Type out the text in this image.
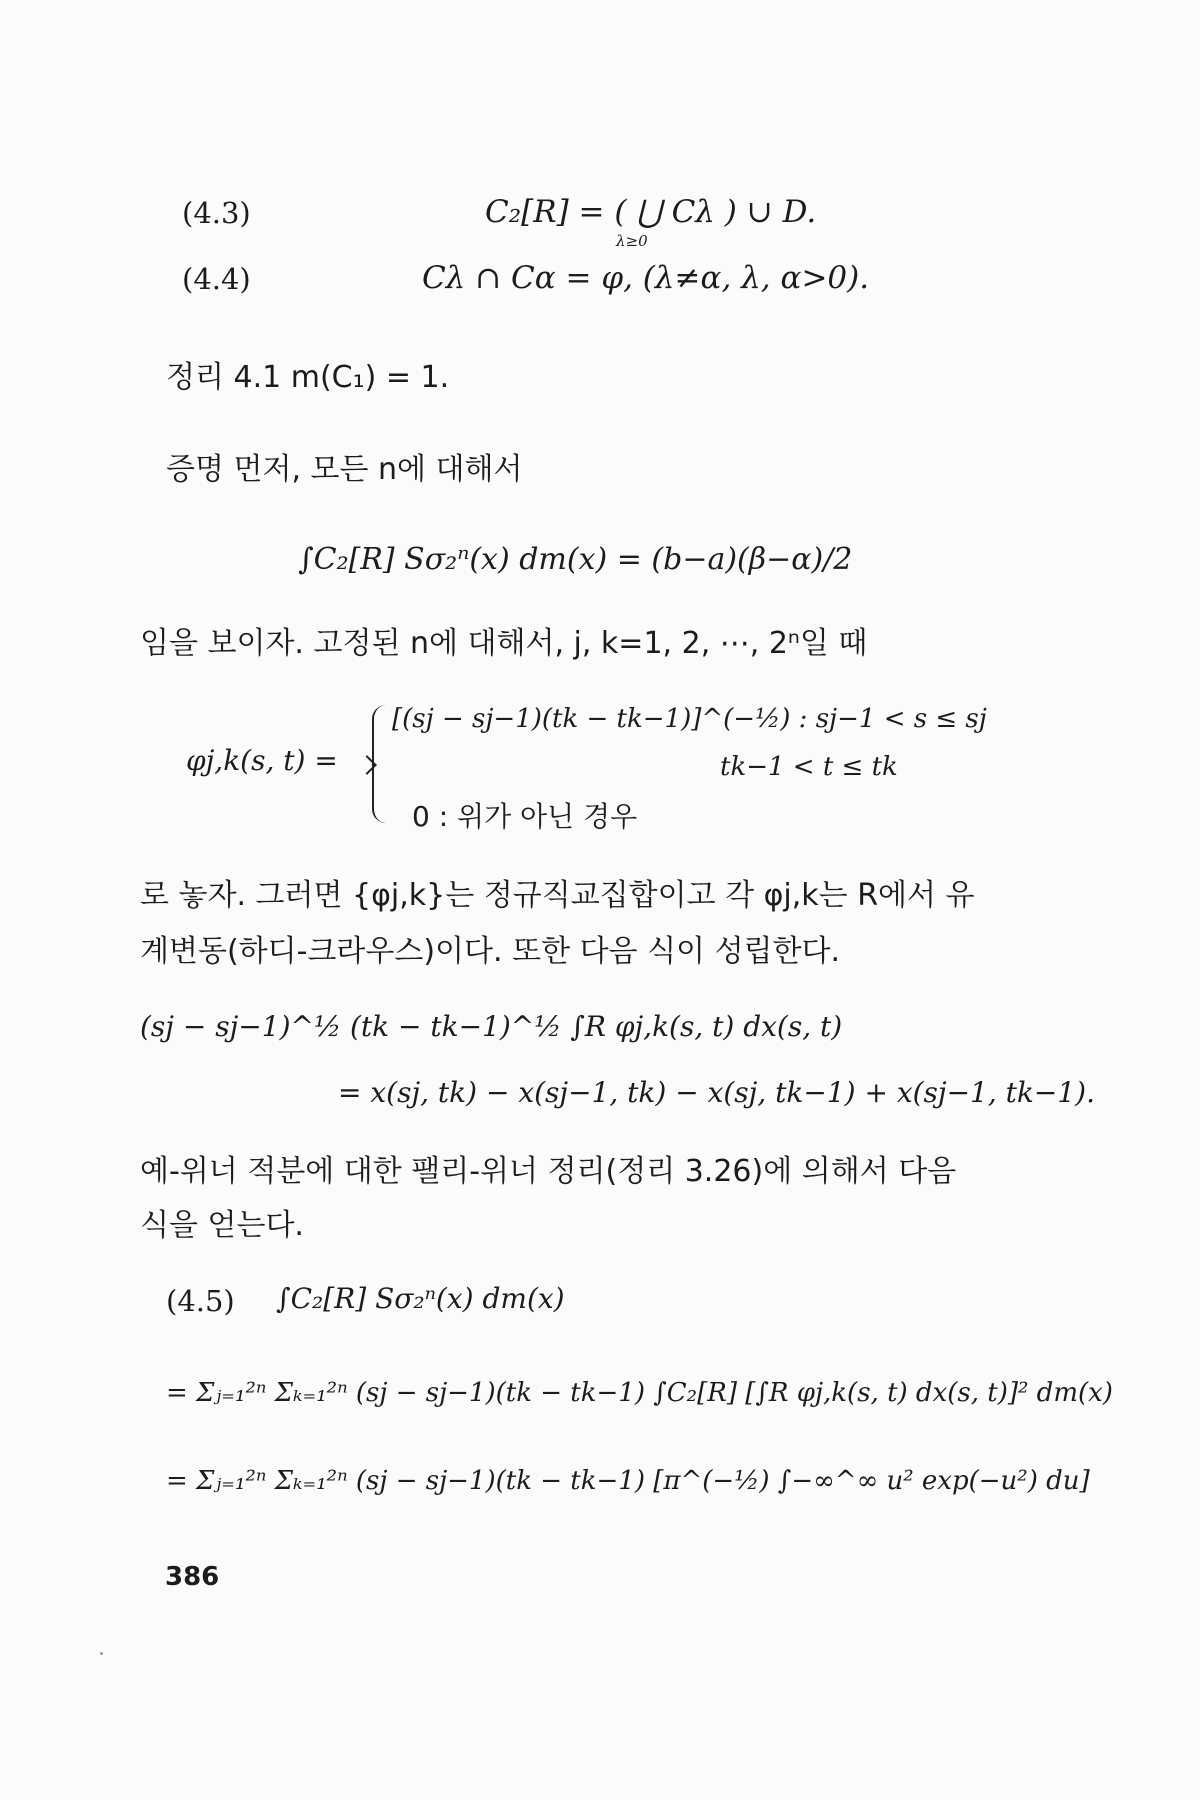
(4.3)	C₂[R] = ( ⋃ Cλ ) ∪ D.
λ≥0
(4.4)	Cλ ∩ Cα = φ, (λ≠α, λ, α>0).
정리 4.1 m(C₁) = 1.
증명 먼저, 모든 n에 대해서
∫C₂[R] Sσ₂ⁿ(x) dm(x) = (b−a)(β−α)/2
임을 보이자. 고정된 n에 대해서, j, k=1, 2, ⋯, 2ⁿ일 때
φj,k(s, t) =
[(sj − sj−1)(tk − tk−1)]^(−½) : sj−1 < s ≤ sj
tk−1 < t ≤ tk
0 : 위가 아닌 경우
로 놓자. 그러면 {φj,k}는 정규직교집합이고 각 φj,k는 R에서 유
계변동(하디-크라우스)이다. 또한 다음 식이 성립한다.
(sj − sj−1)^½ (tk − tk−1)^½ ∫R φj,k(s, t) dx(s, t)
= x(sj, tk) − x(sj−1, tk) − x(sj, tk−1) + x(sj−1, tk−1).
예-위너 적분에 대한 팰리-위너 정리(정리 3.26)에 의해서 다음
식을 얻는다.
(4.5) ∫C₂[R] Sσ₂ⁿ(x) dm(x)
= Σⱼ₌₁²ⁿ Σₖ₌₁²ⁿ (sj − sj−1)(tk − tk−1) ∫C₂[R] [∫R φj,k(s, t) dx(s, t)]² dm(x)
= Σⱼ₌₁²ⁿ Σₖ₌₁²ⁿ (sj − sj−1)(tk − tk−1) [π^(−½) ∫−∞^∞ u² exp(−u²) du]
386
